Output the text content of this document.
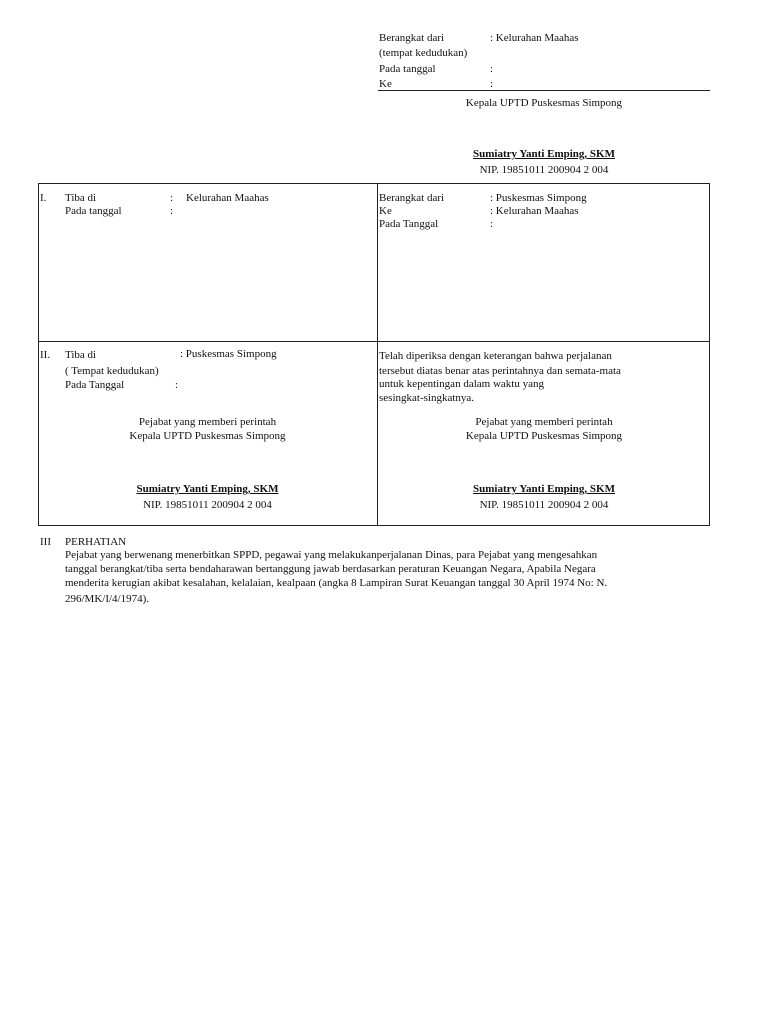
Berangkat dari	: Kelurahan Maahas
(tempat kedudukan)
Pada tanggal	:
Ke	:
Kepala UPTD Puskesmas Simpong
Sumiatry Yanti Emping, SKM
NIP. 19851011 200904 2 004
I. Tiba di	: Kelurahan Maahas
Pada tanggal	:
Berangkat dari	: Puskesmas Simpong
Ke	: Kelurahan Maahas
Pada Tanggal	:
II. Tiba di	: Puskesmas Simpong
( Tempat kedudukan)
Pada Tanggal	:
Pejabat yang memberi perintah
Kepala UPTD Puskesmas Simpong
Sumiatry Yanti Emping, SKM
NIP. 19851011 200904 2 004
Telah diperiksa dengan keterangan bahwa perjalanan
tersebut diatas benar atas perintahnya dan semata-mata
untuk kepentingan dalam waktu yang
sesingkat-singkatnya.
Pejabat yang memberi perintah
Kepala UPTD Puskesmas Simpong
Sumiatry Yanti Emping, SKM
NIP. 19851011 200904 2 004
III PERHATIAN
Pejabat yang berwenang menerbitkan SPPD, pegawai yang melakukanperjalanan Dinas, para Pejabat yang mengesahkan
tanggal berangkat/tiba serta bendaharawan bertanggung jawab berdasarkan peraturan Keuangan Negara, Apabila Negara
menderita kerugian akibat kesalahan, kelalaian, kealpaan (angka 8 Lampiran Surat Keuangan tanggal 30 April 1974 No: N.
296/MK/I/4/1974).
